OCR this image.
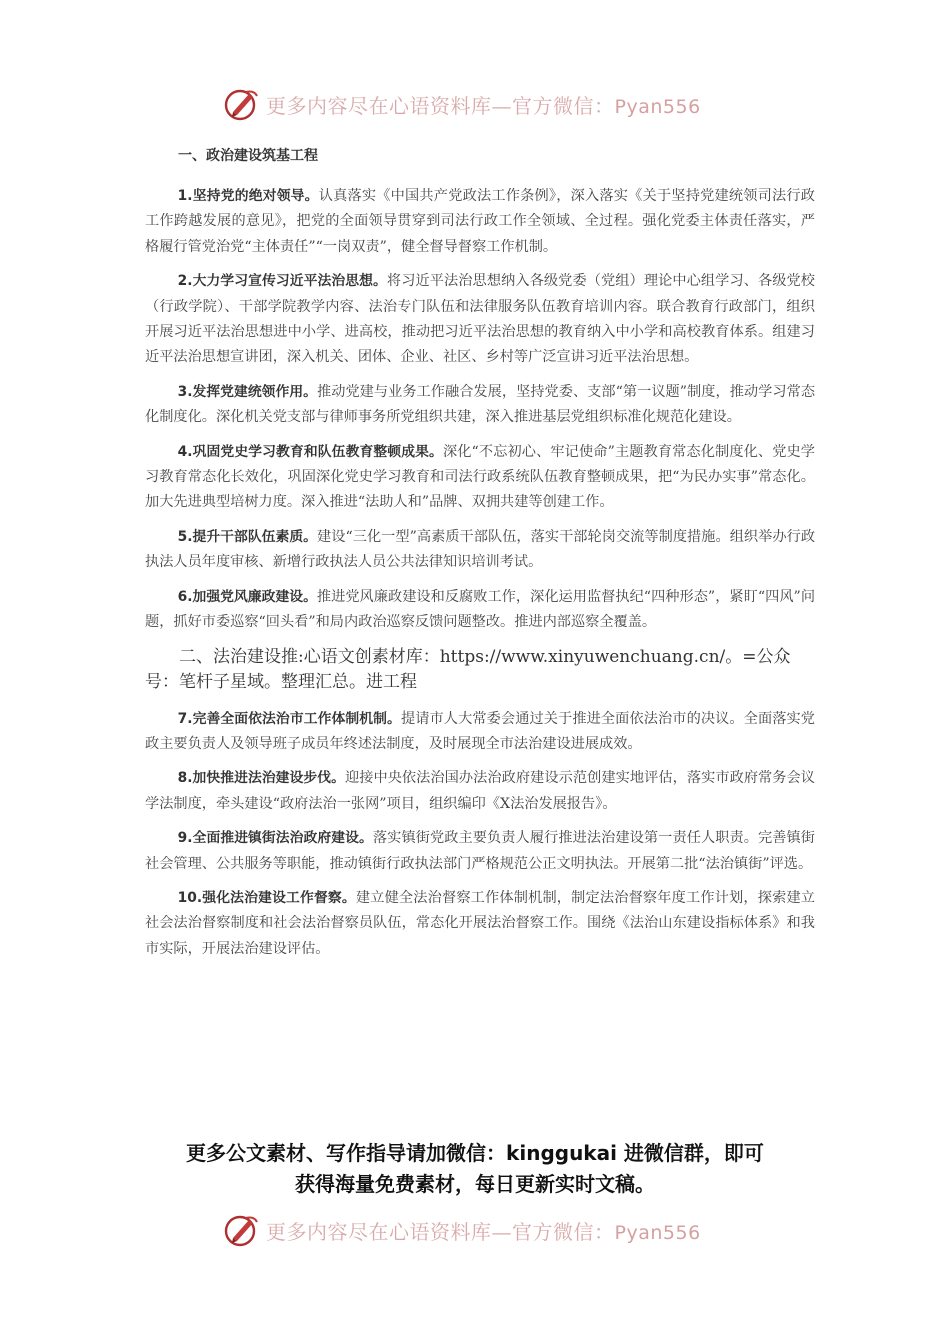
更多内容尽在心语资料库—官方微信：Pyan556
一、政治建设筑基工程

1.坚持党的绝对领导。认真落实《中国共产党政法工作条例》，深入落实《关于坚持党建统领司法行政工作跨越发展的意见》，把党的全面领导贯穿到司法行政工作全领域、全过程。强化党委主体责任落实，严格履行管党治党“主体责任”“一岗双责”，健全督导督察工作机制。

2.大力学习宣传习近平法治思想。将习近平法治思想纳入各级党委（党组）理论中心组学习、各级党校（行政学院）、干部学院教学内容、法治专门队伍和法律服务队伍教育培训内容。联合教育行政部门，组织开展习近平法治思想进中小学、进高校，推动把习近平法治思想的教育纳入中小学和高校教育体系。组建习近平法治思想宣讲团，深入机关、团体、企业、社区、乡村等广泛宣讲习近平法治思想。

3.发挥党建统领作用。推动党建与业务工作融合发展，坚持党委、支部“第一议题”制度，推动学习常态化制度化。深化机关党支部与律师事务所党组织共建，深入推进基层党组织标准化规范化建设。

4.巩固党史学习教育和队伍教育整顿成果。深化“不忘初心、牢记使命”主题教育常态化制度化、党史学习教育常态化长效化，巩固深化党史学习教育和司法行政系统队伍教育整顿成果，把“为民办实事”常态化。加大先进典型培树力度。深入推进“法助人和”品牌、双拥共建等创建工作。

5.提升干部队伍素质。建设“三化一型”高素质干部队伍，落实干部轮岗交流等制度措施。组织举办行政执法人员年度审核、新增行政执法人员公共法律知识培训考试。

6.加强党风廉政建设。推进党风廉政建设和反腐败工作，深化运用监督执纪“四种形态”，紧盯“四风”问题，抓好市委巡察“回头看”和局内政治巡察反馈问题整改。推进内部巡察全覆盖。

二、法治建设推:心语文创素材库：https://www.xinyuwenchuang.cn/。=公众号：笔杆子星域。整理汇总。进工程

7.完善全面依法治市工作体制机制。提请市人大常委会通过关于推进全面依法治市的决议。全面落实党政主要负责人及领导班子成员年终述法制度，及时展现全市法治建设进展成效。

8.加快推进法治建设步伐。迎接中央依法治国办法治政府建设示范创建实地评估，落实市政府常务会议学法制度，牵头建设“政府法治一张网”项目，组织编印《X法治发展报告》。

9.全面推进镇街法治政府建设。落实镇街党政主要负责人履行推进法治建设第一责任人职责。完善镇街社会管理、公共服务等职能，推动镇街行政执法部门严格规范公正文明执法。开展第二批“法治镇街”评选。

10.强化法治建设工作督察。建立健全法治督察工作体制机制，制定法治督察年度工作计划，探索建立社会法治督察制度和社会法治督察员队伍，常态化开展法治督察工作。围绕《法治山东建设指标体系》和我市实际，开展法治建设评估。

更多公文素材、写作指导请加微信：kinggukai 进微信群，即可
获得海量免费素材，每日更新实时文稿。
更多内容尽在心语资料库—官方微信：Pyan556
